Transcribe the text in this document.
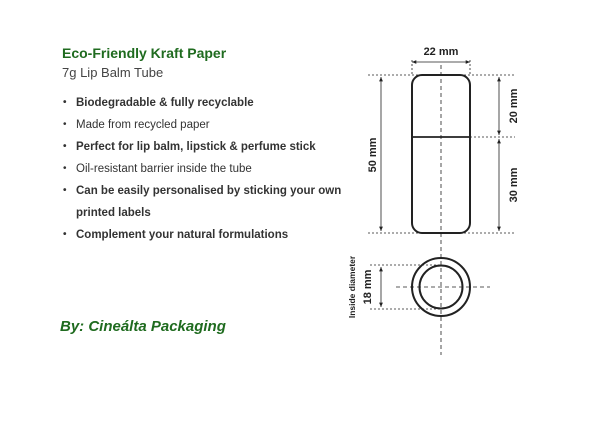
Eco-Friendly Kraft Paper
7g Lip Balm Tube
• Biodegradable & fully recyclable
• Made from recycled paper
• Perfect for lip balm, lipstick & perfume stick
• Oil-resistant barrier inside the tube
• Can be easily personalised by sticking your own printed labels
• Complement your natural formulations
By: Cineálta Packaging
22 mm
50 mm
20 mm
30 mm
18 mm
Inside diameter
